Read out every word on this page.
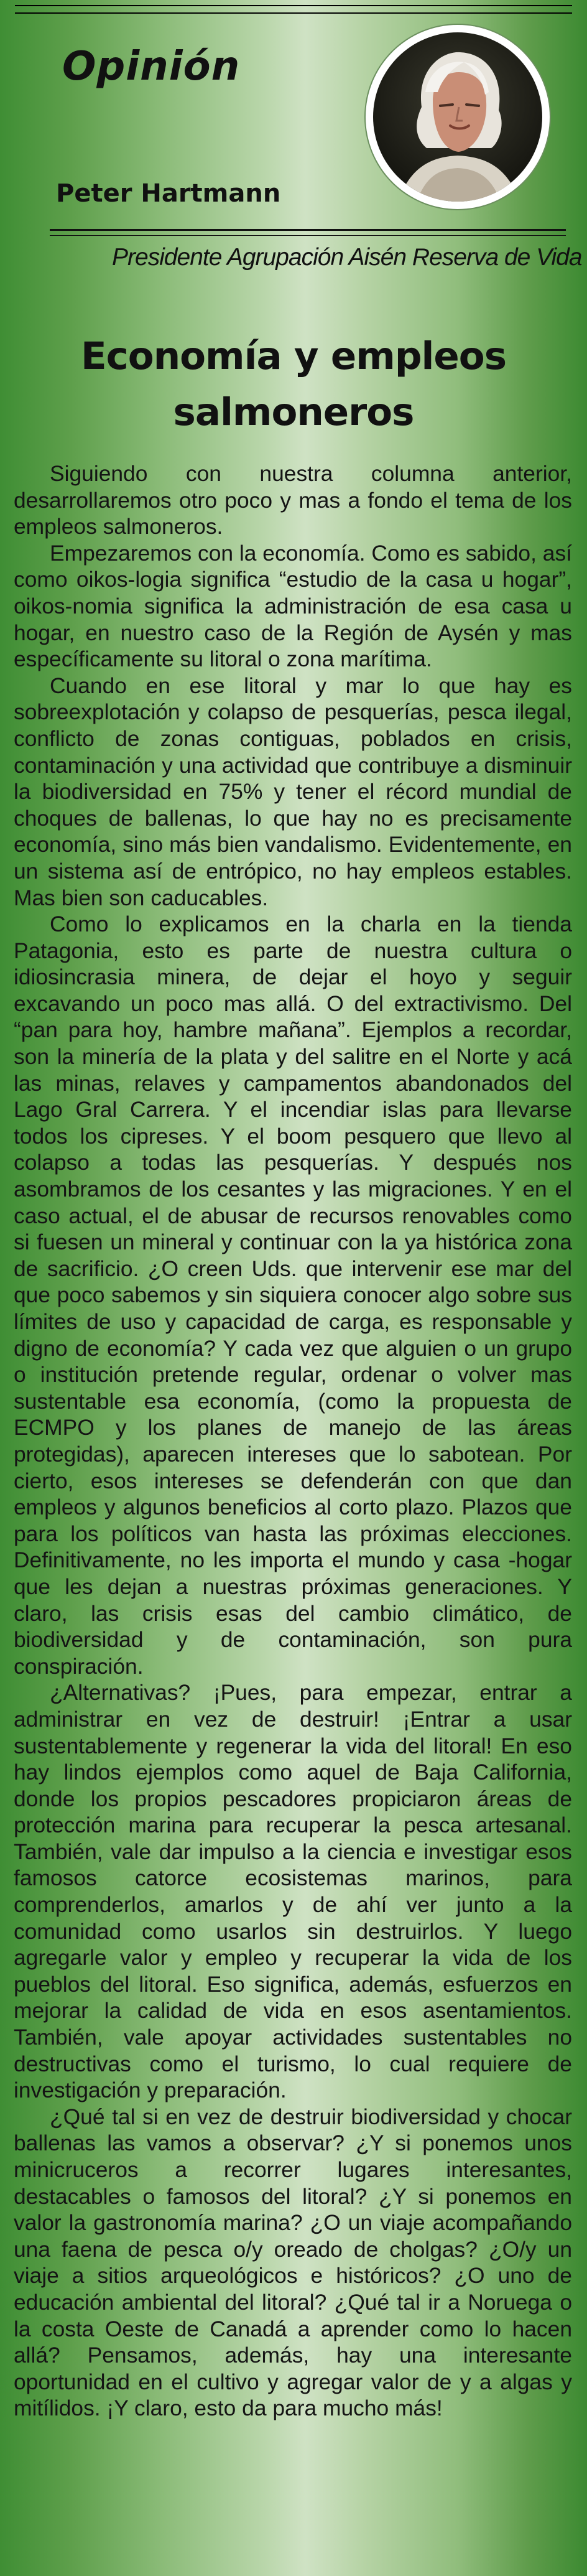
Opinión
Peter Hartmann
Presidente Agrupación Aisén Reserva de Vida
Economía y empleos salmoneros

Siguiendo con nuestra columna anterior, desarrollaremos otro poco y mas a fondo el tema de los empleos salmoneros.

Empezaremos con la economía. Como es sabido, así como oikos-logia significa “estudio de la casa u hogar”, oikos-nomia significa la administración de esa casa u hogar, en nuestro caso de la Región de Aysén y mas específicamente su litoral o zona marítima.

Cuando en ese litoral y mar lo que hay es sobreexplotación y colapso de pesquerías, pesca ilegal, conflicto de zonas contiguas, poblados en crisis, contaminación y una actividad que contribuye a disminuir la biodiversidad en 75% y tener el récord mundial de choques de ballenas, lo que hay no es precisamente economía, sino más bien vandalismo. Evidentemente, en un sistema así de entrópico, no hay empleos estables. Mas bien son caducables.

Como lo explicamos en la charla en la tienda Patagonia, esto es parte de nuestra cultura o idiosincrasia minera, de dejar el hoyo y seguir excavando un poco mas allá. O del extractivismo. Del “pan para hoy, hambre mañana”. Ejemplos a recordar, son la minería de la plata y del salitre en el Norte y acá las minas, relaves y campamentos abandonados del Lago Gral Carrera. Y el incendiar islas para llevarse todos los cipreses. Y el boom pesquero que llevo al colapso a todas las pesquerías. Y después nos asombramos de los cesantes y las migraciones. Y en el caso actual, el de abusar de recursos renovables como si fuesen un mineral y continuar con la ya histórica zona de sacrificio. ¿O creen Uds. que intervenir ese mar del que poco sabemos y sin siquiera conocer algo sobre sus límites de uso y capacidad de carga, es responsable y digno de economía? Y cada vez que alguien o un grupo o institución pretende regular, ordenar o volver mas sustentable esa economía, (como la propuesta de ECMPO y los planes de manejo de las áreas protegidas), aparecen intereses que lo sabotean. Por cierto, esos intereses se defenderán con que dan empleos y algunos beneficios al corto plazo. Plazos que para los políticos van hasta las próximas elecciones. Definitivamente, no les importa el mundo y casa -hogar que les dejan a nuestras próximas generaciones. Y claro, las crisis esas del cambio climático, de biodiversidad y de contaminación, son pura conspiración.

¿Alternativas? ¡Pues, para empezar, entrar a administrar en vez de destruir! ¡Entrar a usar sustentablemente y regenerar la vida del litoral! En eso hay lindos ejemplos como aquel de Baja California, donde los propios pescadores propiciaron áreas de protección marina para recuperar la pesca artesanal. También, vale dar impulso a la ciencia e investigar esos famosos catorce ecosistemas marinos, para comprenderlos, amarlos y de ahí ver junto a la comunidad como usarlos sin destruirlos. Y luego agregarle valor y empleo y recuperar la vida de los pueblos del litoral. Eso significa, además, esfuerzos en mejorar la calidad de vida en esos asentamientos. También, vale apoyar actividades sustentables no destructivas como el turismo, lo cual requiere de investigación y preparación.

¿Qué tal si en vez de destruir biodiversidad y chocar ballenas las vamos a observar? ¿Y si ponemos unos minicruceros a recorrer lugares interesantes, destacables o famosos del litoral? ¿Y si ponemos en valor la gastronomía marina? ¿O un viaje acompañando una faena de pesca o/y oreado de cholgas? ¿O/y un viaje a sitios arqueológicos e históricos? ¿O uno de educación ambiental del litoral? ¿Qué tal ir a Noruega o la costa Oeste de Canadá a aprender como lo hacen allá? Pensamos, además, hay una interesante oportunidad en el cultivo y agregar valor de y a algas y mitílidos. ¡Y claro, esto da para mucho más!
